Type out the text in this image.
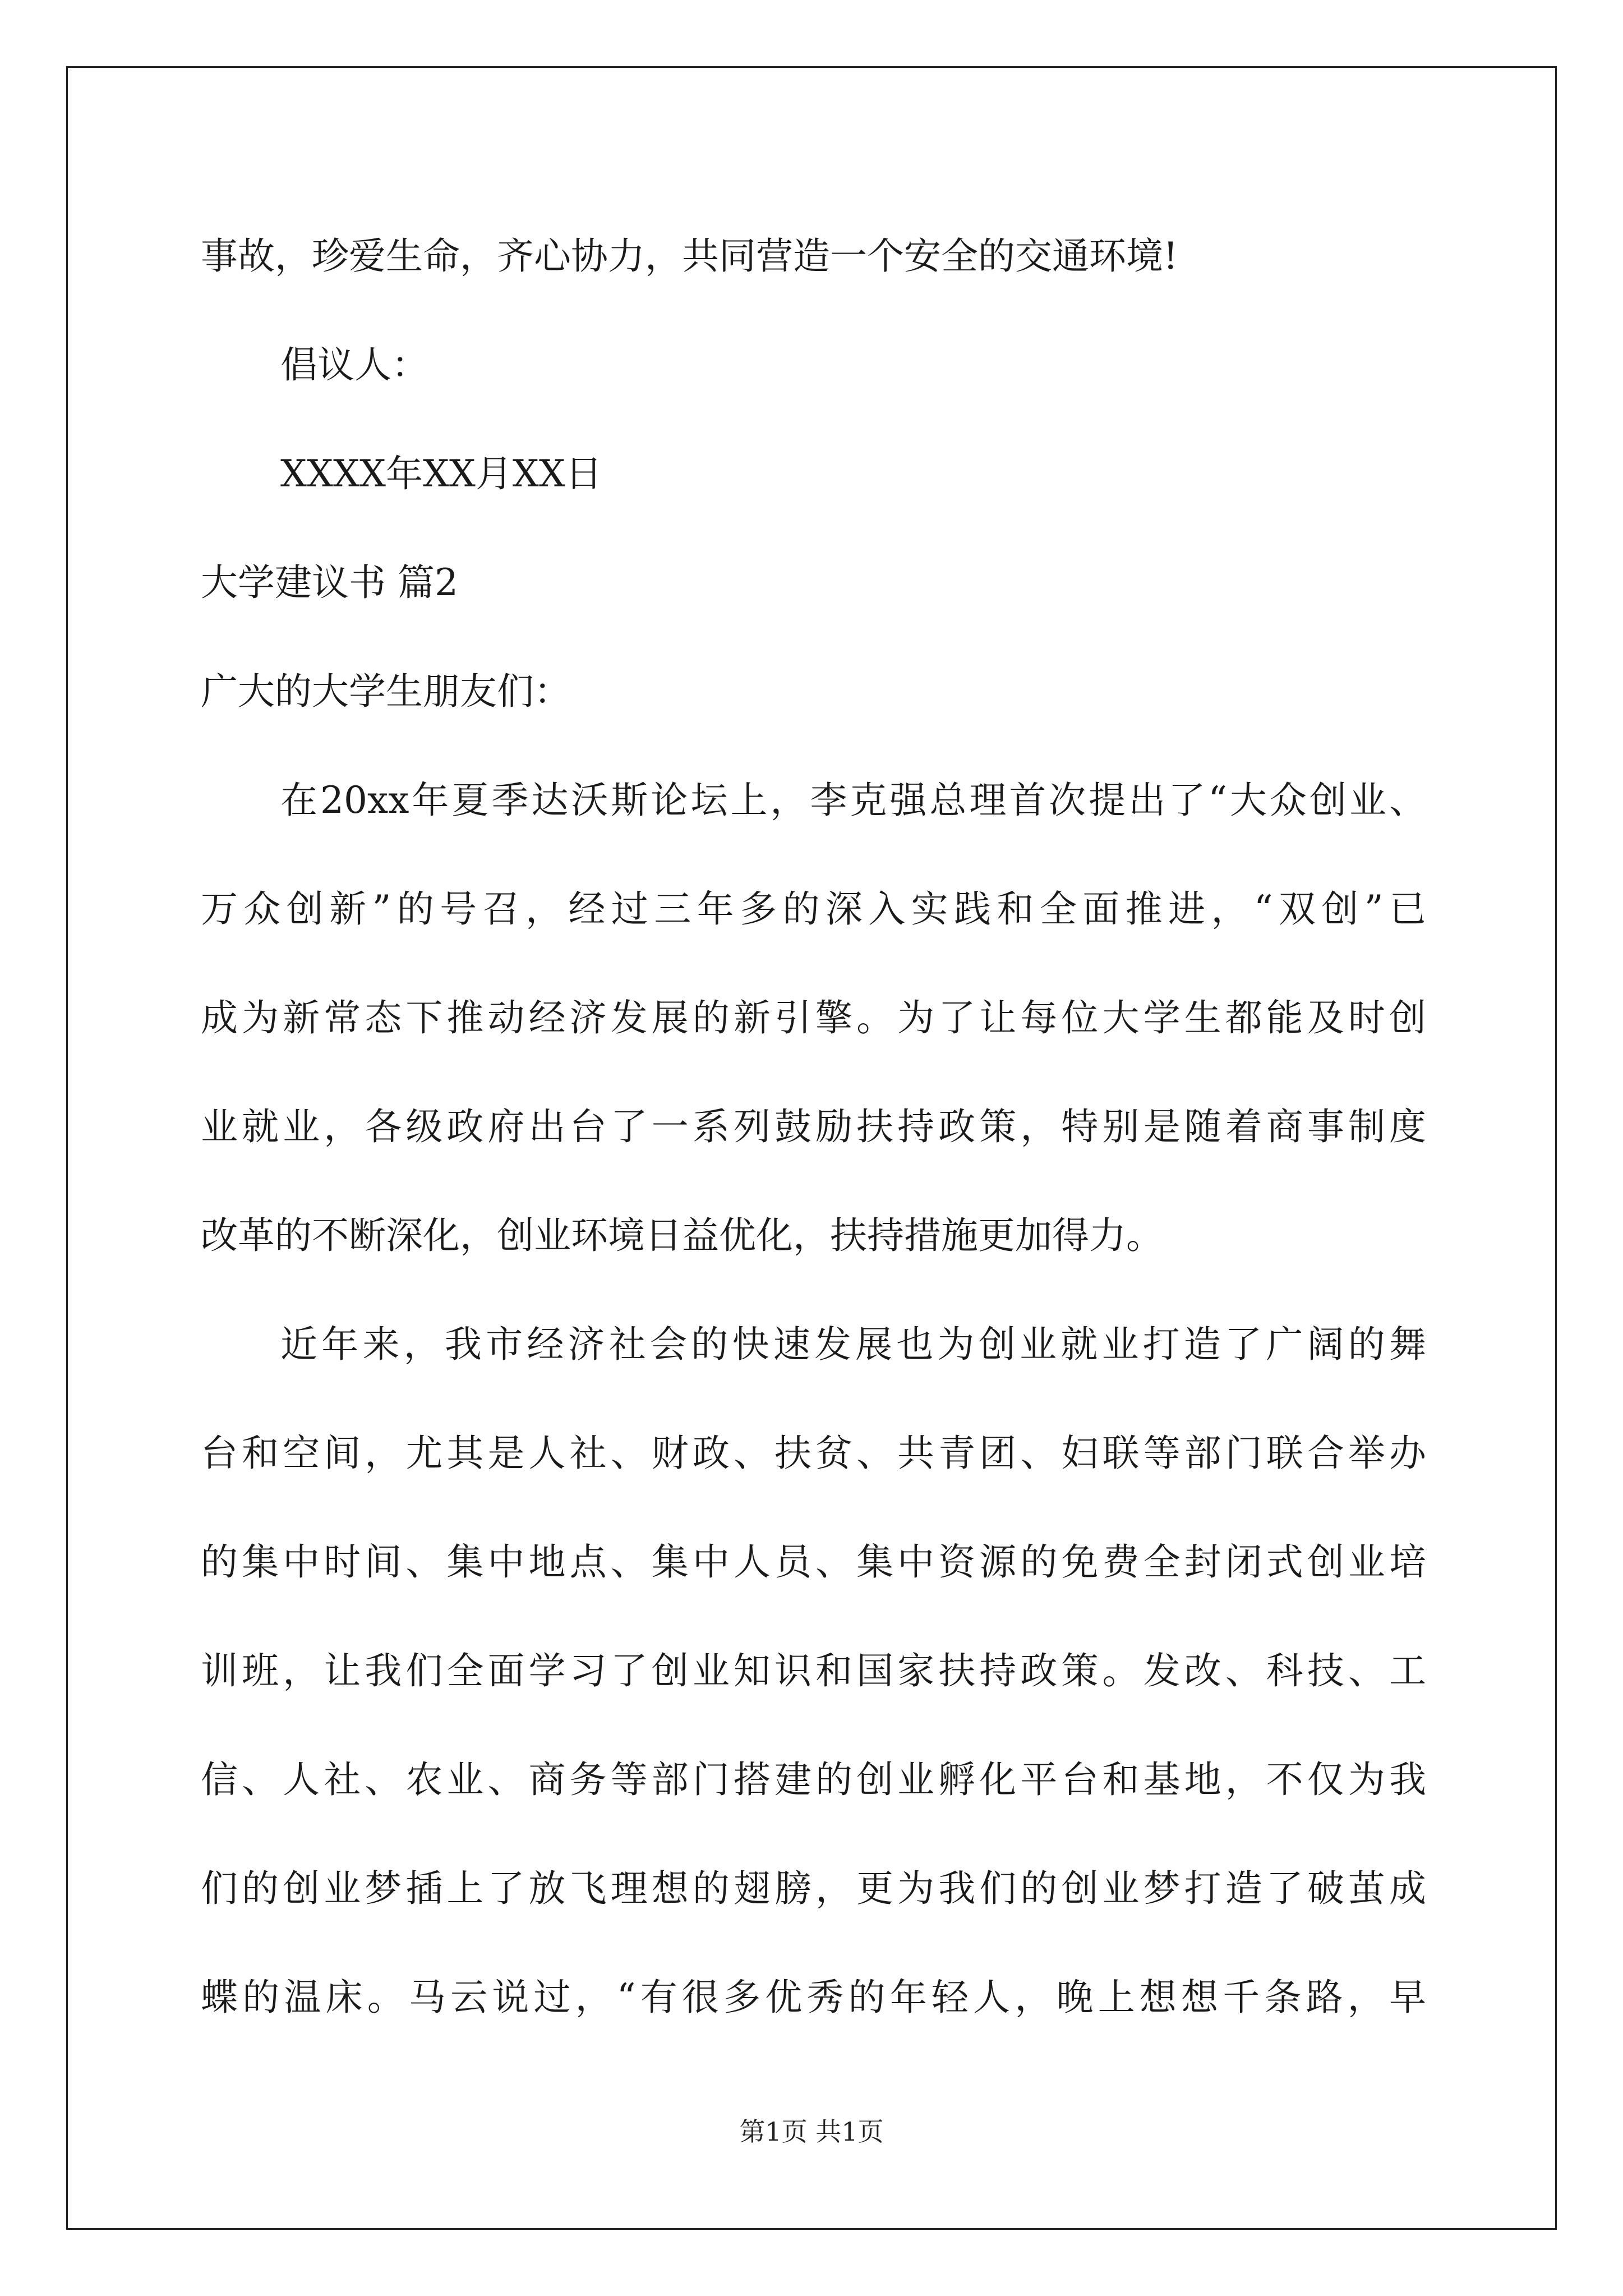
事故，珍爱生命，齐心协力，共同营造一个安全的交通环境!
倡议人：
XXXX年XX月XX日
大学建议书 篇2
广大的大学生朋友们：
在20xx年夏季达沃斯论坛上，李克强总理首次提出了“大众创业、
万众创新”的号召，经过三年多的深入实践和全面推进，“双创”已
成为新常态下推动经济发展的新引擎。为了让每位大学生都能及时创
业就业，各级政府出台了一系列鼓励扶持政策，特别是随着商事制度
改革的不断深化，创业环境日益优化，扶持措施更加得力。
近年来，我市经济社会的快速发展也为创业就业打造了广阔的舞
台和空间，尤其是人社、财政、扶贫、共青团、妇联等部门联合举办
的集中时间、集中地点、集中人员、集中资源的免费全封闭式创业培
训班，让我们全面学习了创业知识和国家扶持政策。发改、科技、工
信、人社、农业、商务等部门搭建的创业孵化平台和基地，不仅为我
们的创业梦插上了放飞理想的翅膀，更为我们的创业梦打造了破茧成
蝶的温床。马云说过，“有很多优秀的年轻人，晚上想想千条路，早
第1页 共1页
